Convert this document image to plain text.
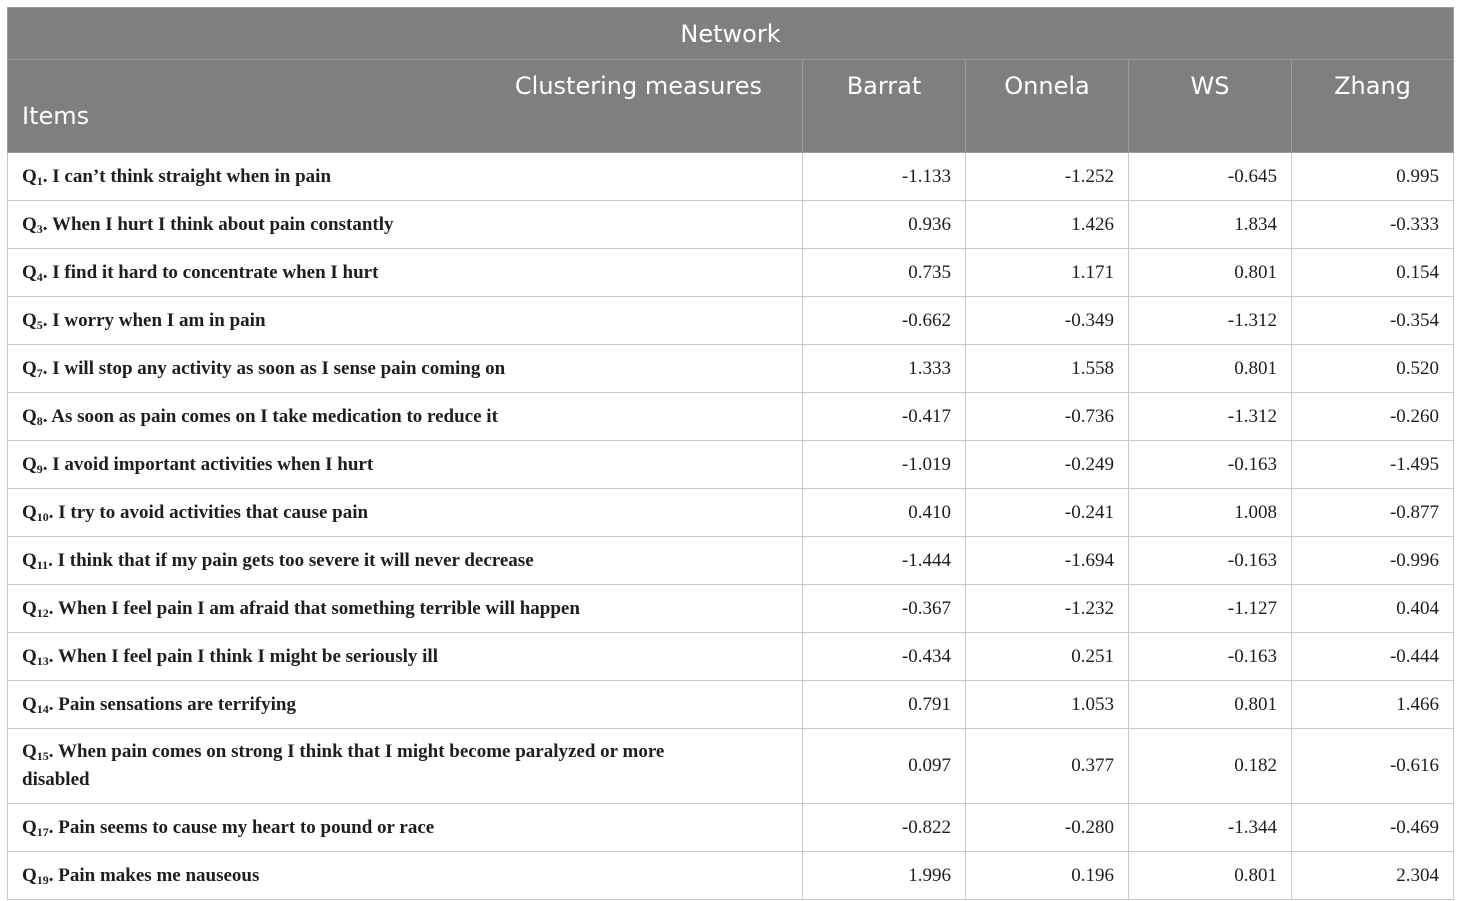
Network				

Clustering measures
Items	Barrat	Onnela	WS	Zhang
$Q_1$. I can’t think straight when in pain	-1.133	-1.252	-0.645	0.995
$Q_3$. When I hurt I think about pain constantly	0.936	1.426	1.834	-0.333
$Q_4$. I find it hard to concentrate when I hurt	0.735	1.171	0.801	0.154
$Q_5$. I worry when I am in pain	-0.662	-0.349	-1.312	-0.354
$Q_7$. I will stop any activity as soon as I sense pain coming on	1.333	1.558	0.801	0.520
$Q_8$. As soon as pain comes on I take medication to reduce it	-0.417	-0.736	-1.312	-0.260
$Q_9$. I avoid important activities when I hurt	-1.019	-0.249	-0.163	-1.495
$Q_{10}$. I try to avoid activities that cause pain	0.410	-0.241	1.008	-0.877
$Q_{11}$. I think that if my pain gets too severe it will never decrease	-1.444	-1.694	-0.163	-0.996
$Q_{12}$. When I feel pain I am afraid that something terrible will happen	-0.367	-1.232	-1.127	0.404
$Q_{13}$. When I feel pain I think I might be seriously ill	-0.434	0.251	-0.163	-0.444
$Q_{14}$. Pain sensations are terrifying	0.791	1.053	0.801	1.466
$Q_{15}$. When pain comes on strong I think that I might become paralyzed or more disabled	0.097	0.377	0.182	-0.616
$Q_{17}$. Pain seems to cause my heart to pound or race	-0.822	-0.280	-1.344	-0.469
$Q_{19}$. Pain makes me nauseous	1.996	0.196	0.801	2.304
